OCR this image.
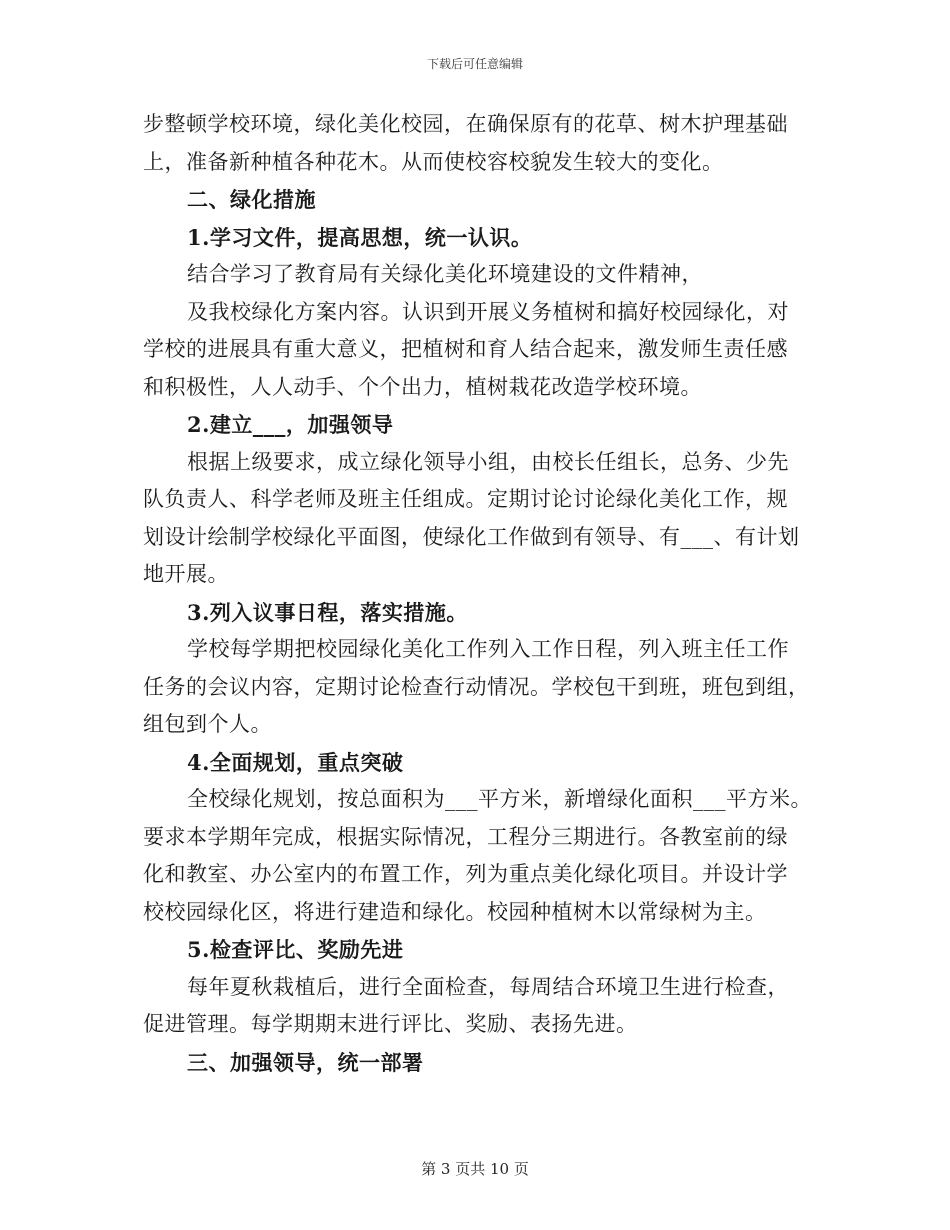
下载后可任意编辑
步整顿学校环境，绿化美化校园，在确保原有的花草、树木护理基础
上，准备新种植各种花木。从而使校容校貌发生较大的变化。
二、绿化措施
1.学习文件，提高思想，统一认识。
结合学习了教育局有关绿化美化环境建设的文件精神，
及我校绿化方案内容。认识到开展义务植树和搞好校园绿化，对
学校的进展具有重大意义，把植树和育人结合起来，激发师生责任感
和积极性，人人动手、个个出力，植树栽花改造学校环境。
2.建立___，加强领导
根据上级要求，成立绿化领导小组，由校长任组长，总务、少先
队负责人、科学老师及班主任组成。定期讨论讨论绿化美化工作，规
划设计绘制学校绿化平面图，使绿化工作做到有领导、有___、有计划
地开展。
3.列入议事日程，落实措施。
学校每学期把校园绿化美化工作列入工作日程，列入班主任工作
任务的会议内容，定期讨论检查行动情况。学校包干到班，班包到组，
组包到个人。
4.全面规划，重点突破
全校绿化规划，按总面积为___平方米，新增绿化面积___平方米。
要求本学期年完成，根据实际情况，工程分三期进行。各教室前的绿
化和教室、办公室内的布置工作，列为重点美化绿化项目。并设计学
校校园绿化区，将进行建造和绿化。校园种植树木以常绿树为主。
5.检查评比、奖励先进
每年夏秋栽植后，进行全面检查，每周结合环境卫生进行检查，
促进管理。每学期期末进行评比、奖励、表扬先进。
三、加强领导，统一部署
第 3 页共 10 页
